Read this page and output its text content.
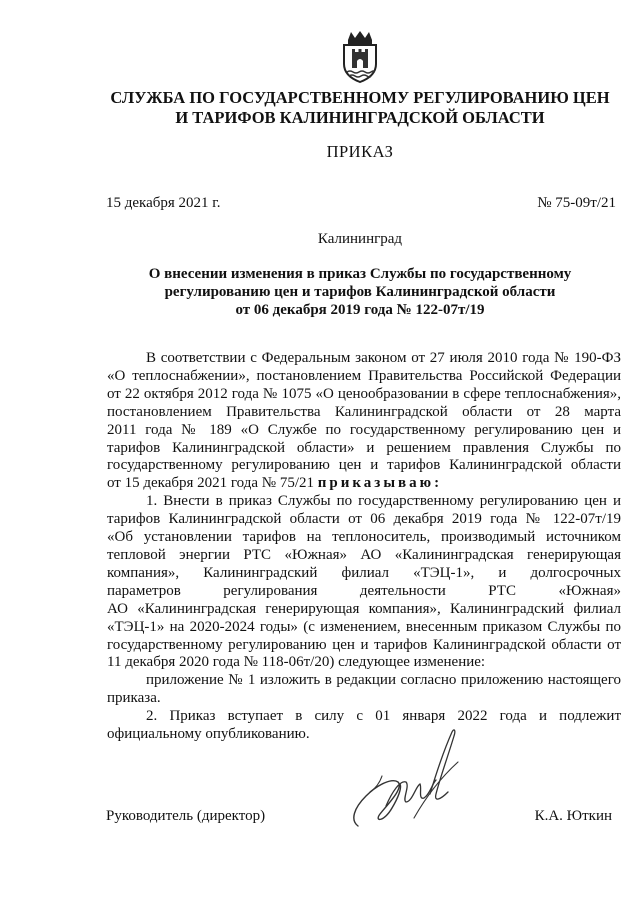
СЛУЖБА ПО ГОСУДАРСТВЕННОМУ РЕГУЛИРОВАНИЮ ЦЕН
И ТАРИФОВ КАЛИНИНГРАДСКОЙ ОБЛАСТИ
ПРИКАЗ
15 декабря 2021 г.	№ 75-09т/21
Калининград
О внесении изменения в приказ Службы по государственному
регулированию цен и тарифов Калининградской области
от 06 декабря 2019 года № 122-07т/19
В соответствии с Федеральным законом от 27 июля 2010 года № 190-ФЗ
«О теплоснабжении», постановлением Правительства Российской Федерации
от 22 октября 2012 года № 1075 «О ценообразовании в сфере теплоснабжения»,
постановлением Правительства Калининградской области от 28 марта
2011 года № 189 «О Службе по государственному регулированию цен и
тарифов Калининградской области» и решением правления Службы по
государственному регулированию цен и тарифов Калининградской области
от 15 декабря 2021 года № 75/21 приказываю:
1. Внести в приказ Службы по государственному регулированию цен и
тарифов Калининградской области от 06 декабря 2019 года № 122-07т/19
«Об установлении тарифов на теплоноситель, производимый источником
тепловой энергии РТС «Южная» АО «Калининградская генерирующая
компания», Калининградский филиал «ТЭЦ-1», и долгосрочных
параметров регулирования деятельности РТС «Южная»
АО «Калининградская генерирующая компания», Калининградский филиал
«ТЭЦ-1» на 2020-2024 годы» (с изменением, внесенным приказом Службы по
государственному регулированию цен и тарифов Калининградской области от
11 декабря 2020 года № 118-06т/20) следующее изменение:
приложение № 1 изложить в редакции согласно приложению настоящего
приказа.
2. Приказ вступает в силу с 01 января 2022 года и подлежит
официальному опубликованию.
Руководитель (директор)	К.А. Юткин
